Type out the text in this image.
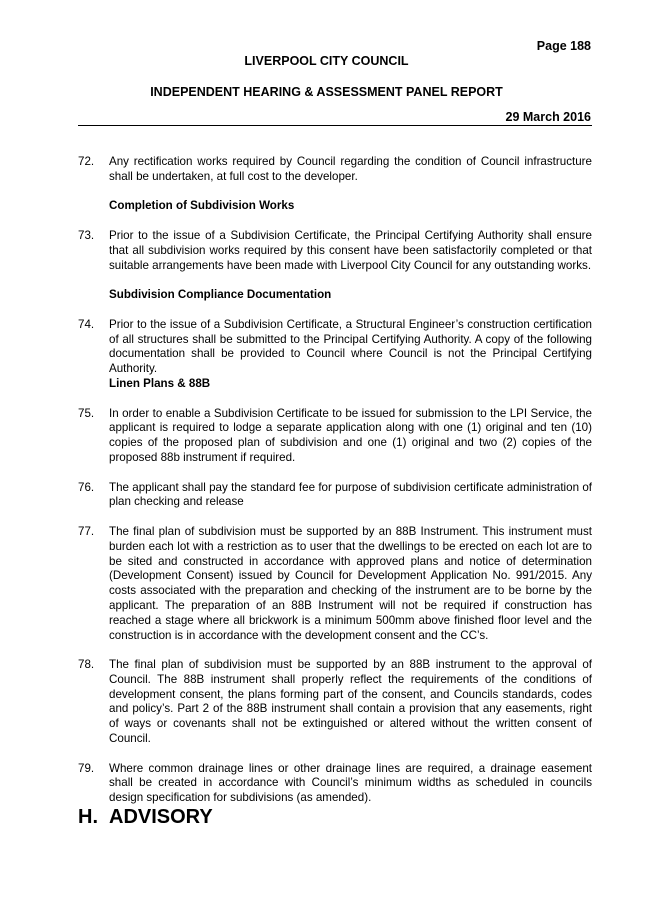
Page 188
LIVERPOOL CITY COUNCIL
INDEPENDENT HEARING & ASSESSMENT PANEL REPORT
29 March 2016
72.	Any rectification works required by Council regarding the condition of Council infrastructure shall be undertaken, at full cost to the developer.
Completion of Subdivision Works
73.	Prior to the issue of a Subdivision Certificate, the Principal Certifying Authority shall ensure that all subdivision works required by this consent have been satisfactorily completed or that suitable arrangements have been made with Liverpool City Council for any outstanding works.
Subdivision Compliance Documentation
74.	Prior to the issue of a Subdivision Certificate, a Structural Engineer’s construction certification of all structures shall be submitted to the Principal Certifying Authority. A copy of the following documentation shall be provided to Council where Council is not the Principal Certifying Authority.
Linen Plans & 88B
75.	In order to enable a Subdivision Certificate to be issued for submission to the LPI Service, the applicant is required to lodge a separate application along with one (1) original and ten (10) copies of the proposed plan of subdivision and one (1) original and two (2) copies of the proposed 88b instrument if required.
76.	The applicant shall pay the standard fee for purpose of subdivision certificate administration of plan checking and release
77.	The final plan of subdivision must be supported by an 88B Instrument. This instrument must burden each lot with a restriction as to user that the dwellings to be erected on each lot are to be sited and constructed in accordance with approved plans and notice of determination (Development Consent) issued by Council for Development Application No. 991/2015. Any costs associated with the preparation and checking of the instrument are to be borne by the applicant. The preparation of an 88B Instrument will not be required if construction has reached a stage where all brickwork is a minimum 500mm above finished floor level and the construction is in accordance with the development consent and the CC’s.
78.	The final plan of subdivision must be supported by an 88B instrument to the approval of Council. The 88B instrument shall properly reflect the requirements of the conditions of development consent, the plans forming part of the consent, and Councils standards, codes and policy’s. Part 2 of the 88B instrument shall contain a provision that any easements, right of ways or covenants shall not be extinguished or altered without the written consent of Council.
79.	Where common drainage lines or other drainage lines are required, a drainage easement shall be created in accordance with Council’s minimum widths as scheduled in councils design specification for subdivisions (as amended).
H. ADVISORY
